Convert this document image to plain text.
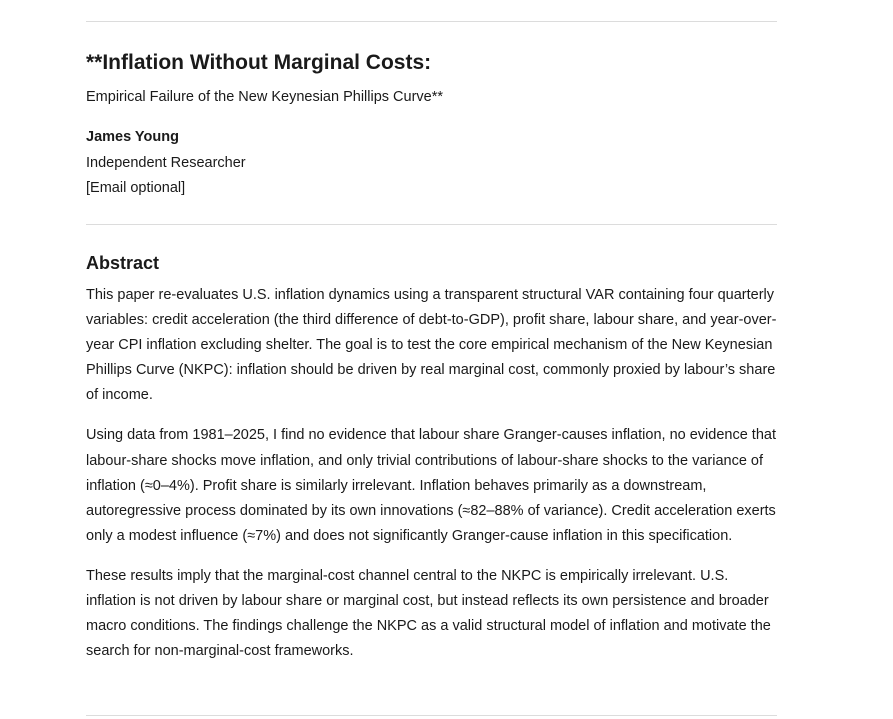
**Inflation Without Marginal Costs:

Empirical Failure of the New Keynesian Phillips Curve**

James Young
Independent Researcher
[Email optional]
Abstract

This paper re-evaluates U.S. inflation dynamics using a transparent structural VAR containing four quarterly variables: credit acceleration (the third difference of debt-to-GDP), profit share, labour share, and year-over-year CPI inflation excluding shelter. The goal is to test the core empirical mechanism of the New Keynesian Phillips Curve (NKPC): inflation should be driven by real marginal cost, commonly proxied by labour’s share of income.

Using data from 1981–2025, I find no evidence that labour share Granger-causes inflation, no evidence that labour-share shocks move inflation, and only trivial contributions of labour-share shocks to the variance of inflation (≈0–4%). Profit share is similarly irrelevant. Inflation behaves primarily as a downstream, autoregressive process dominated by its own innovations (≈82–88% of variance). Credit acceleration exerts only a modest influence (≈7%) and does not significantly Granger-cause inflation in this specification.

These results imply that the marginal-cost channel central to the NKPC is empirically irrelevant. U.S. inflation is not driven by labour share or marginal cost, but instead reflects its own persistence and broader macro conditions. The findings challenge the NKPC as a valid structural model of inflation and motivate the search for non-marginal-cost frameworks.
